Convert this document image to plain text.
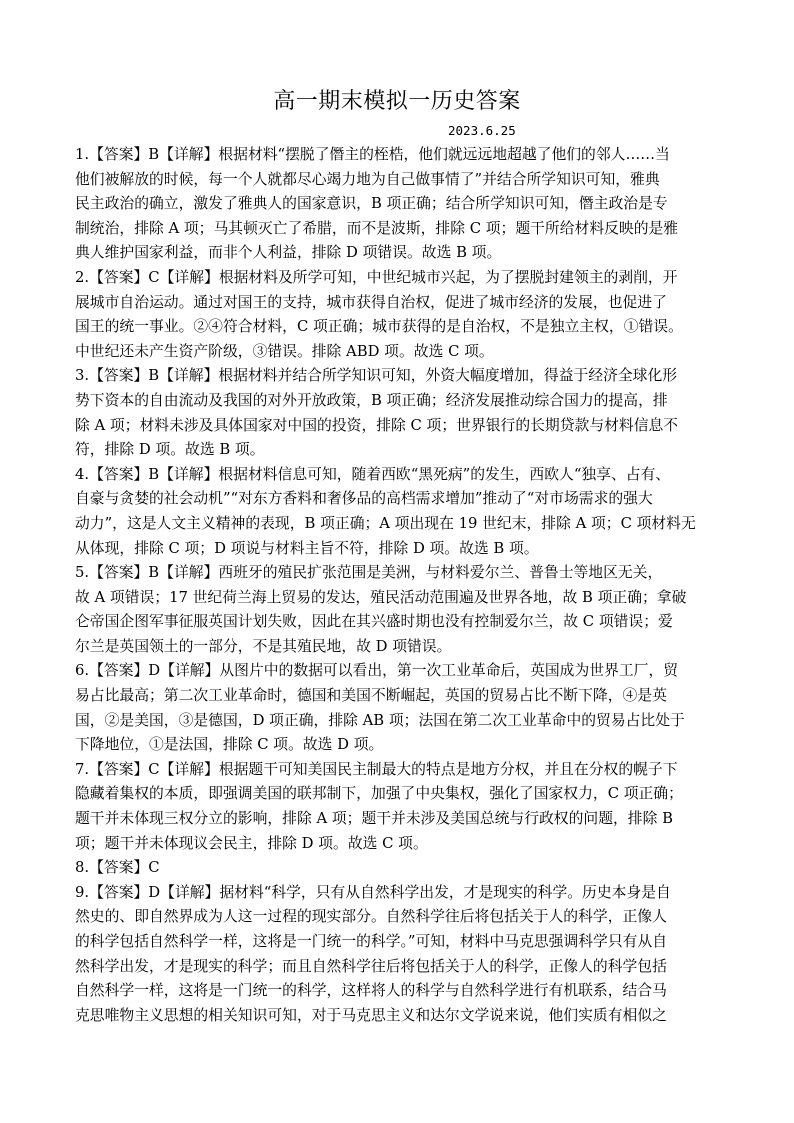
高一期末模拟一历史答案
2023.6.25
1.【答案】B【详解】根据材料“摆脱了僭主的桎梏，他们就远远地超越了他们的邻人……当
他们被解放的时候，每一个人就都尽心竭力地为自己做事情了”并结合所学知识可知，雅典
民主政治的确立，激发了雅典人的国家意识，B 项正确；结合所学知识可知，僭主政治是专
制统治，排除 A 项；马其顿灭亡了希腊，而不是波斯，排除 C 项；题干所给材料反映的是雅
典人维护国家利益，而非个人利益，排除 D 项错误。故选 B 项。
2.【答案】C【详解】根据材料及所学可知，中世纪城市兴起，为了摆脱封建领主的剥削，开
展城市自治运动。通过对国王的支持，城市获得自治权，促进了城市经济的发展，也促进了
国王的统一事业。②④符合材料，C 项正确；城市获得的是自治权，不是独立主权，①错误。
中世纪还未产生资产阶级，③错误。排除 ABD 项。故选 C 项。
3.【答案】B【详解】根据材料并结合所学知识可知，外资大幅度增加，得益于经济全球化形
势下资本的自由流动及我国的对外开放政策，B 项正确；经济发展推动综合国力的提高，排
除 A 项；材料未涉及具体国家对中国的投资，排除 C 项；世界银行的长期贷款与材料信息不
符，排除 D 项。故选 B 项。
4.【答案】B【详解】根据材料信息可知，随着西欧“黑死病”的发生，西欧人“独享、占有、
自豪与贪婪的社会动机”“对东方香料和奢侈品的高档需求增加”推动了“对市场需求的强大
动力”，这是人文主义精神的表现，B 项正确；A 项出现在 19 世纪末，排除 A 项；C 项材料无
从体现，排除 C 项；D 项说与材料主旨不符，排除 D 项。故选 B 项。
5.【答案】B【详解】西班牙的殖民扩张范围是美洲，与材料爱尔兰、普鲁士等地区无关，
故 A 项错误；17 世纪荷兰海上贸易的发达，殖民活动范围遍及世界各地，故 B 项正确；拿破
仑帝国企图军事征服英国计划失败，因此在其兴盛时期也没有控制爱尔兰，故 C 项错误；爱
尔兰是英国领土的一部分，不是其殖民地，故 D 项错误。
6.【答案】D【详解】从图片中的数据可以看出，第一次工业革命后，英国成为世界工厂，贸
易占比最高；第二次工业革命时，德国和美国不断崛起，英国的贸易占比不断下降，④是英
国，②是美国，③是德国，D 项正确，排除 AB 项；法国在第二次工业革命中的贸易占比处于
下降地位，①是法国，排除 C 项。故选 D 项。
7.【答案】C【详解】根据题干可知美国民主制最大的特点是地方分权，并且在分权的幌子下
隐藏着集权的本质，即强调美国的联邦制下，加强了中央集权，强化了国家权力，C 项正确；
题干并未体现三权分立的影响，排除 A 项；题干并未涉及美国总统与行政权的问题，排除 B
项；题干并未体现议会民主，排除 D 项。故选 C 项。
8.【答案】C
9.【答案】D【详解】据材料“科学，只有从自然科学出发，才是现实的科学。历史本身是自
然史的、即自然界成为人这一过程的现实部分。自然科学往后将包括关于人的科学，正像人
的科学包括自然科学一样，这将是一门统一的科学。”可知，材料中马克思强调科学只有从自
然科学出发，才是现实的科学；而且自然科学往后将包括关于人的科学，正像人的科学包括
自然科学一样，这将是一门统一的科学，这样将人的科学与自然科学进行有机联系，结合马
克思唯物主义思想的相关知识可知，对于马克思主义和达尔文学说来说，他们实质有相似之
